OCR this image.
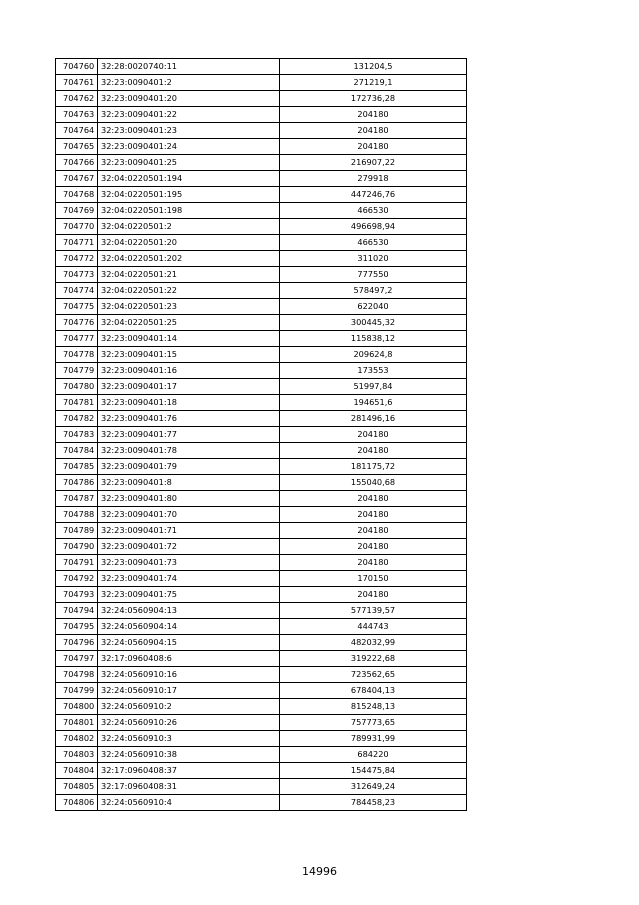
704760	32:28:0020740:11	131204,5
704761	32:23:0090401:2	271219,1
704762	32:23:0090401:20	172736,28
704763	32:23:0090401:22	204180
704764	32:23:0090401:23	204180
704765	32:23:0090401:24	204180
704766	32:23:0090401:25	216907,22
704767	32:04:0220501:194	279918
704768	32:04:0220501:195	447246,76
704769	32:04:0220501:198	466530
704770	32:04:0220501:2	496698,94
704771	32:04:0220501:20	466530
704772	32:04:0220501:202	311020
704773	32:04:0220501:21	777550
704774	32:04:0220501:22	578497,2
704775	32:04:0220501:23	622040
704776	32:04:0220501:25	300445,32
704777	32:23:0090401:14	115838,12
704778	32:23:0090401:15	209624,8
704779	32:23:0090401:16	173553
704780	32:23:0090401:17	51997,84
704781	32:23:0090401:18	194651,6
704782	32:23:0090401:76	281496,16
704783	32:23:0090401:77	204180
704784	32:23:0090401:78	204180
704785	32:23:0090401:79	181175,72
704786	32:23:0090401:8	155040,68
704787	32:23:0090401:80	204180
704788	32:23:0090401:70	204180
704789	32:23:0090401:71	204180
704790	32:23:0090401:72	204180
704791	32:23:0090401:73	204180
704792	32:23:0090401:74	170150
704793	32:23:0090401:75	204180
704794	32:24:0560904:13	577139,57
704795	32:24:0560904:14	444743
704796	32:24:0560904:15	482032,99
704797	32:17:0960408:6	319222,68
704798	32:24:0560910:16	723562,65
704799	32:24:0560910:17	678404,13
704800	32:24:0560910:2	815248,13
704801	32:24:0560910:26	757773,65
704802	32:24:0560910:3	789931,99
704803	32:24:0560910:38	684220
704804	32:17:0960408:37	154475,84
704805	32:17:0960408:31	312649,24
704806	32:24:0560910:4	784458,23
14996
